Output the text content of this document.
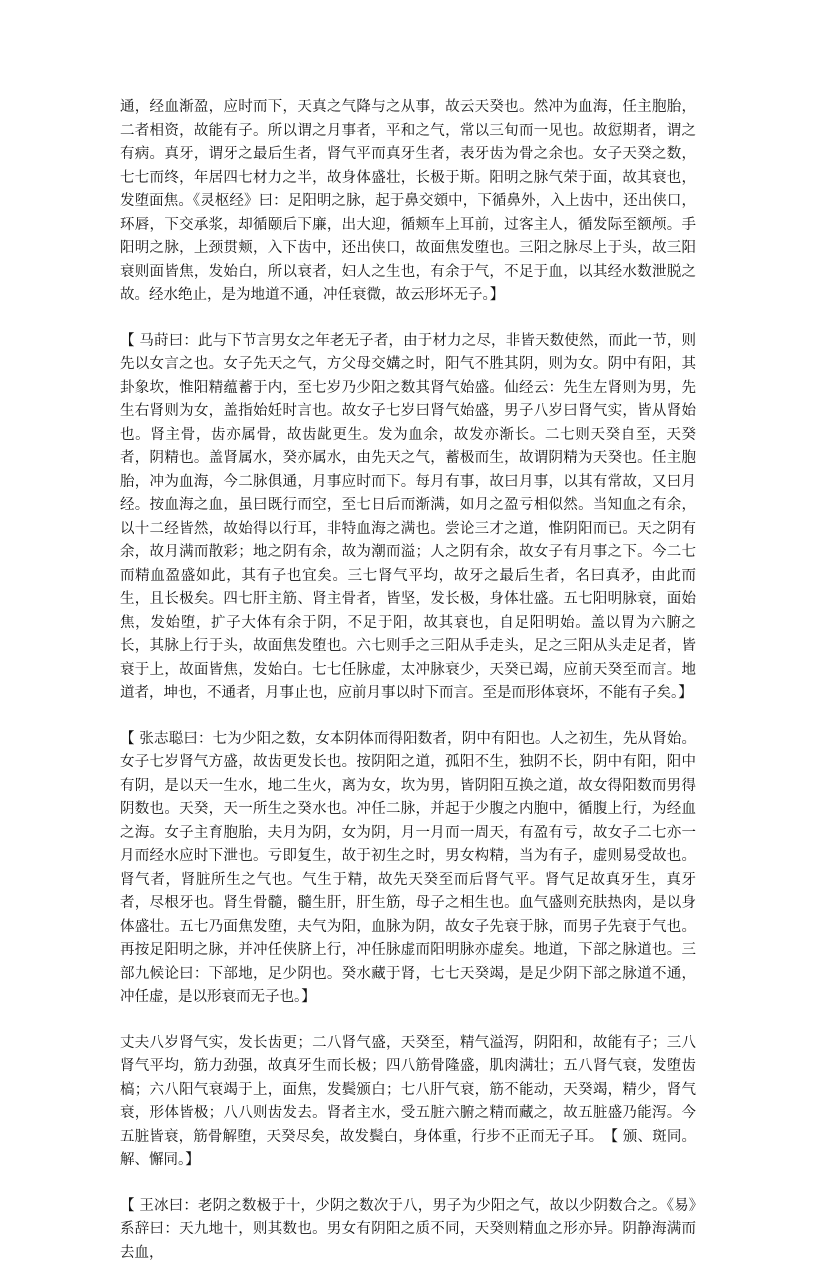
通，经血渐盈，应时而下，天真之气降与之从事，故云天癸也。然冲为血海，任主胞胎，二者相资，故能有子。所以谓之月事者，平和之气，常以三旬而一见也。故愆期者，谓之有病。真牙，谓牙之最后生者，肾气平而真牙生者，表牙齿为骨之余也。女子天癸之数，七七而终，年居四七材力之半，故身体盛壮，长极于斯。阳明之脉气荣于面，故其衰也，发堕面焦。《灵枢经》曰：足阳明之脉，起于鼻交頞中，下循鼻外，入上齿中，还出侠口，环唇，下交承浆，却循颐后下廉，出大迎，循颊车上耳前，过客主人，循发际至额颅。手阳明之脉，上颈贯颊，入下齿中，还出侠口，故面焦发堕也。三阳之脉尽上于头，故三阳衰则面皆焦，发始白，所以衰者，妇人之生也，有余于气，不足于血，以其经水数泄脱之故。经水绝止，是为地道不通，冲任衰微，故云形坏无子。】

【 马莳曰：此与下节言男女之年老无子者，由于材力之尽，非皆天数使然，而此一节，则先以女言之也。女子先天之气，方父母交媾之时，阳气不胜其阴，则为女。阴中有阳，其卦象坎，惟阳精蕴蓄于内，至七岁乃少阳之数其肾气始盛。仙经云：先生左肾则为男，先生右肾则为女，盖指始妊时言也。故女子七岁曰肾气始盛，男子八岁曰肾气实，皆从肾始也。肾主骨，齿亦属骨，故齿龀更生。发为血余，故发亦渐长。二七则天癸自至，天癸者，阴精也。盖肾属水，癸亦属水，由先天之气，蓄极而生，故谓阴精为天癸也。任主胞胎，冲为血海，今二脉俱通，月事应时而下。每月有事，故曰月事，以其有常故，又曰月经。按血海之血，虽曰既行而空，至七日后而渐满，如月之盈亏相似然。当知血之有余，以十二经皆然，故始得以行耳，非特血海之满也。尝论三才之道，惟阴阳而已。天之阴有余，故月满而散彩；地之阴有余，故为潮而溢；人之阴有余，故女子有月事之下。今二七而精血盈盛如此，其有子也宜矣。三七肾气平均，故牙之最后生者，名曰真矛，由此而生，且长极矣。四七肝主筋、肾主骨者，皆坚，发长极，身体壮盛。五七阳明脉衰，面始焦，发始堕，扩子大体有余于阴，不足于阳，故其衰也，自足阳明始。盖以胃为六腑之长，其脉上行于头，故面焦发堕也。六七则手之三阳从手走头，足之三阳从头走足者，皆衰于上，故面皆焦，发始白。七七任脉虚，太冲脉衰少，天癸已竭，应前天癸至而言。地道者，坤也，不通者，月事止也，应前月事以时下而言。至是而形体衰坏，不能有子矣。】

【 张志聪曰：七为少阳之数，女本阴体而得阳数者，阴中有阳也。人之初生，先从肾始。女子七岁肾气方盛，故齿更发长也。按阴阳之道，孤阳不生，独阴不长，阴中有阳，阳中有阴，是以天一生水，地二生火，离为女，坎为男，皆阴阳互换之道，故女得阳数而男得阴数也。天癸，天一所生之癸水也。冲任二脉，并起于少腹之内胞中，循腹上行，为经血之海。女子主育胞胎，夫月为阴，女为阴，月一月而一周天，有盈有亏，故女子二七亦一月而经水应时下泄也。亏即复生，故于初生之时，男女构精，当为有子，虚则易受故也。肾气者，肾脏所生之气也。气生于精，故先天癸至而后肾气平。肾气足故真牙生，真牙者，尽根牙也。肾生骨髓，髓生肝，肝生筋，母子之相生也。血气盛则充肤热肉，是以身体盛壮。五七乃面焦发堕，夫气为阳，血脉为阴，故女子先衰于脉，而男子先衰于气也。再按足阳明之脉，并冲任侠脐上行，冲任脉虚而阳明脉亦虚矣。地道，下部之脉道也。三部九候论曰：下部地，足少阴也。癸水藏于肾，七七天癸竭，是足少阴下部之脉道不通，冲任虚，是以形衰而无子也。】

丈夫八岁肾气实，发长齿更；二八肾气盛，天癸至，精气溢泻，阴阳和，故能有子；三八肾气平均，筋力劲强，故真牙生而长极；四八筋骨隆盛，肌肉满壮；五八肾气衰，发堕齿槁；六八阳气衰竭于上，面焦，发鬓颁白；七八肝气衰，筋不能动，天癸竭，精少，肾气衰，形体皆极；八八则齿发去。肾者主水，受五脏六腑之精而藏之，故五脏盛乃能泻。今五脏皆衰，筋骨解堕，天癸尽矣，故发鬓白，身体重，行步不正而无子耳。　【 颁、斑同。解、懈同。】

【 王冰曰：老阴之数极于十，少阴之数次于八，男子为少阳之气，故以少阴数合之。《易》系辞曰：天九地十，则其数也。男女有阴阳之质不同，天癸则精血之形亦异。阴静海满而去血，
